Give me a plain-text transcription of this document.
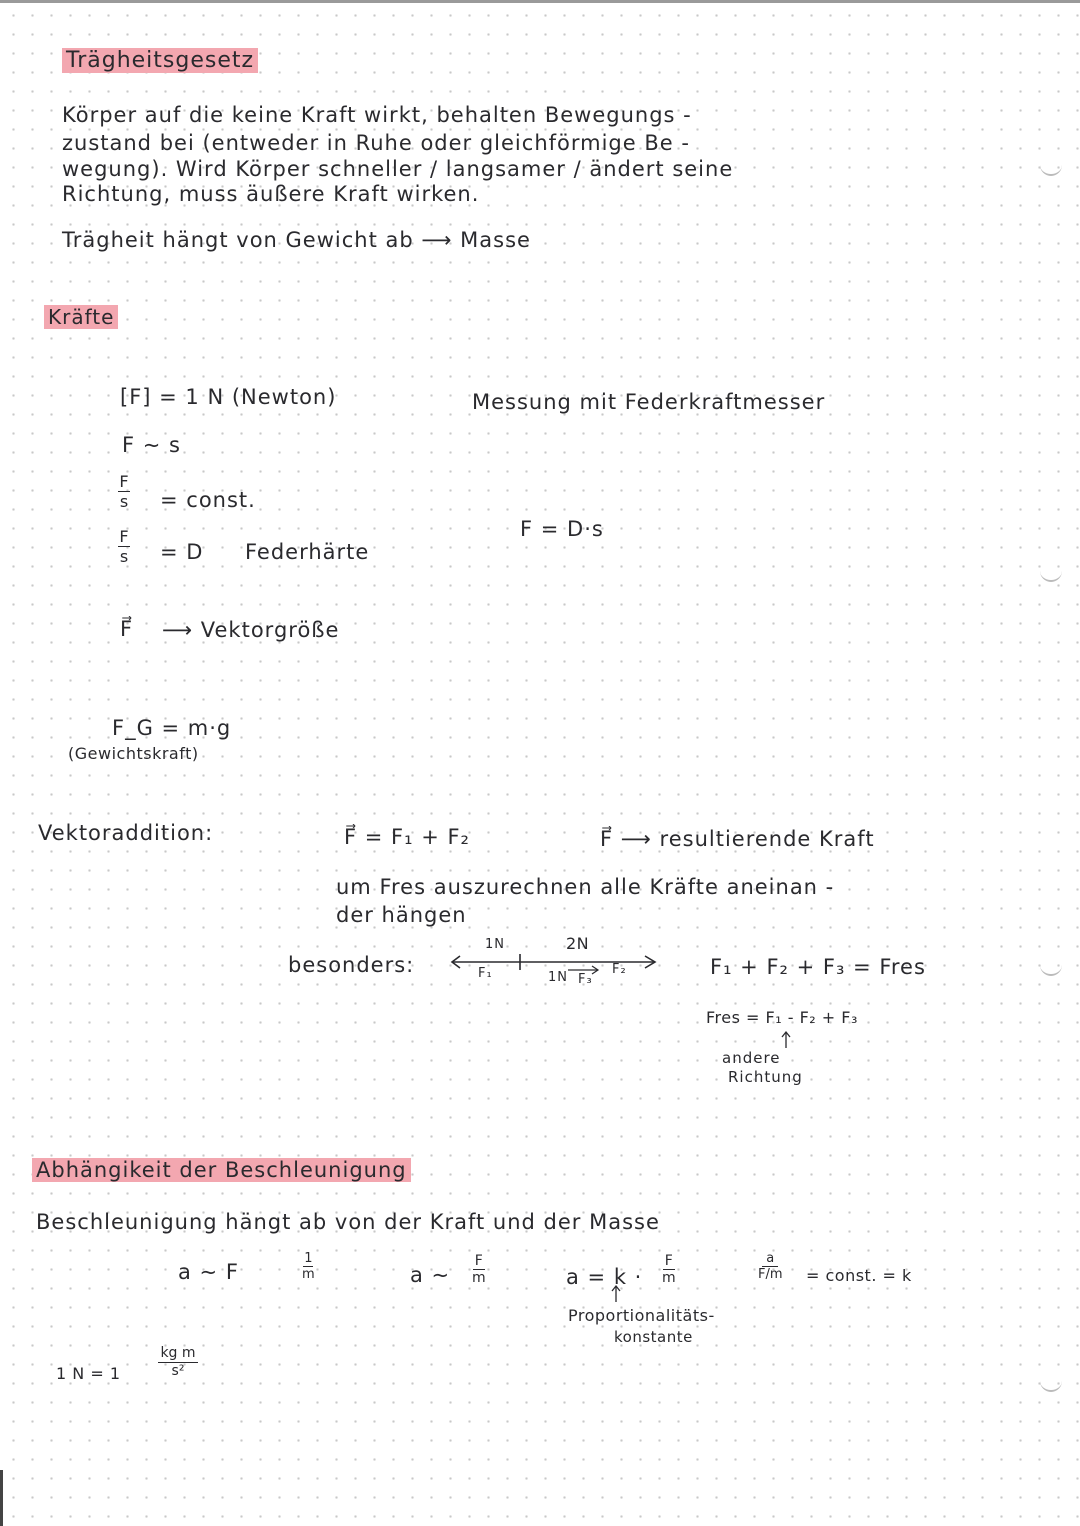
Trägheitsgesetz
Körper auf die keine Kraft wirkt, behalten Bewegungs -
zustand bei (entweder in Ruhe oder gleichförmige Be -
wegung). Wird Körper schneller / langsamer / ändert seine
Richtung, muss äußere Kraft wirken.
Trägheit hängt von Gewicht ab ⟶ Masse
Kräfte
[F] = 1 N (Newton)	Messung mit Federkraftmesser
F ∼ s
F
s = const.
F
s = D Federhärte
F = D·s
F⃗ ⟶ Vektorgröße
F_G = m·g
(Gewichtskraft)
Vektoraddition:	F⃗ = F₁ + F₂	F⃗ ⟶ resultierende Kraft
um Fres auszurechnen alle Kräfte aneinan -
der hängen
besonders:
1N	2N
F₁	1N F₃
F₂	F₁ + F₂ + F₃ = Fres
Fres = F₁ - F₂ + F₃
andere
Richtung
Abhängikeit der Beschleunigung
Beschleunigung hängt ab von der Kraft und der Masse
a ∼ F
1
m	a ∼
F
m	a = k ·
F
m
Proportionalitäts-
konstante
a
F/m = const. = k
1 N = 1
kg m
s²
